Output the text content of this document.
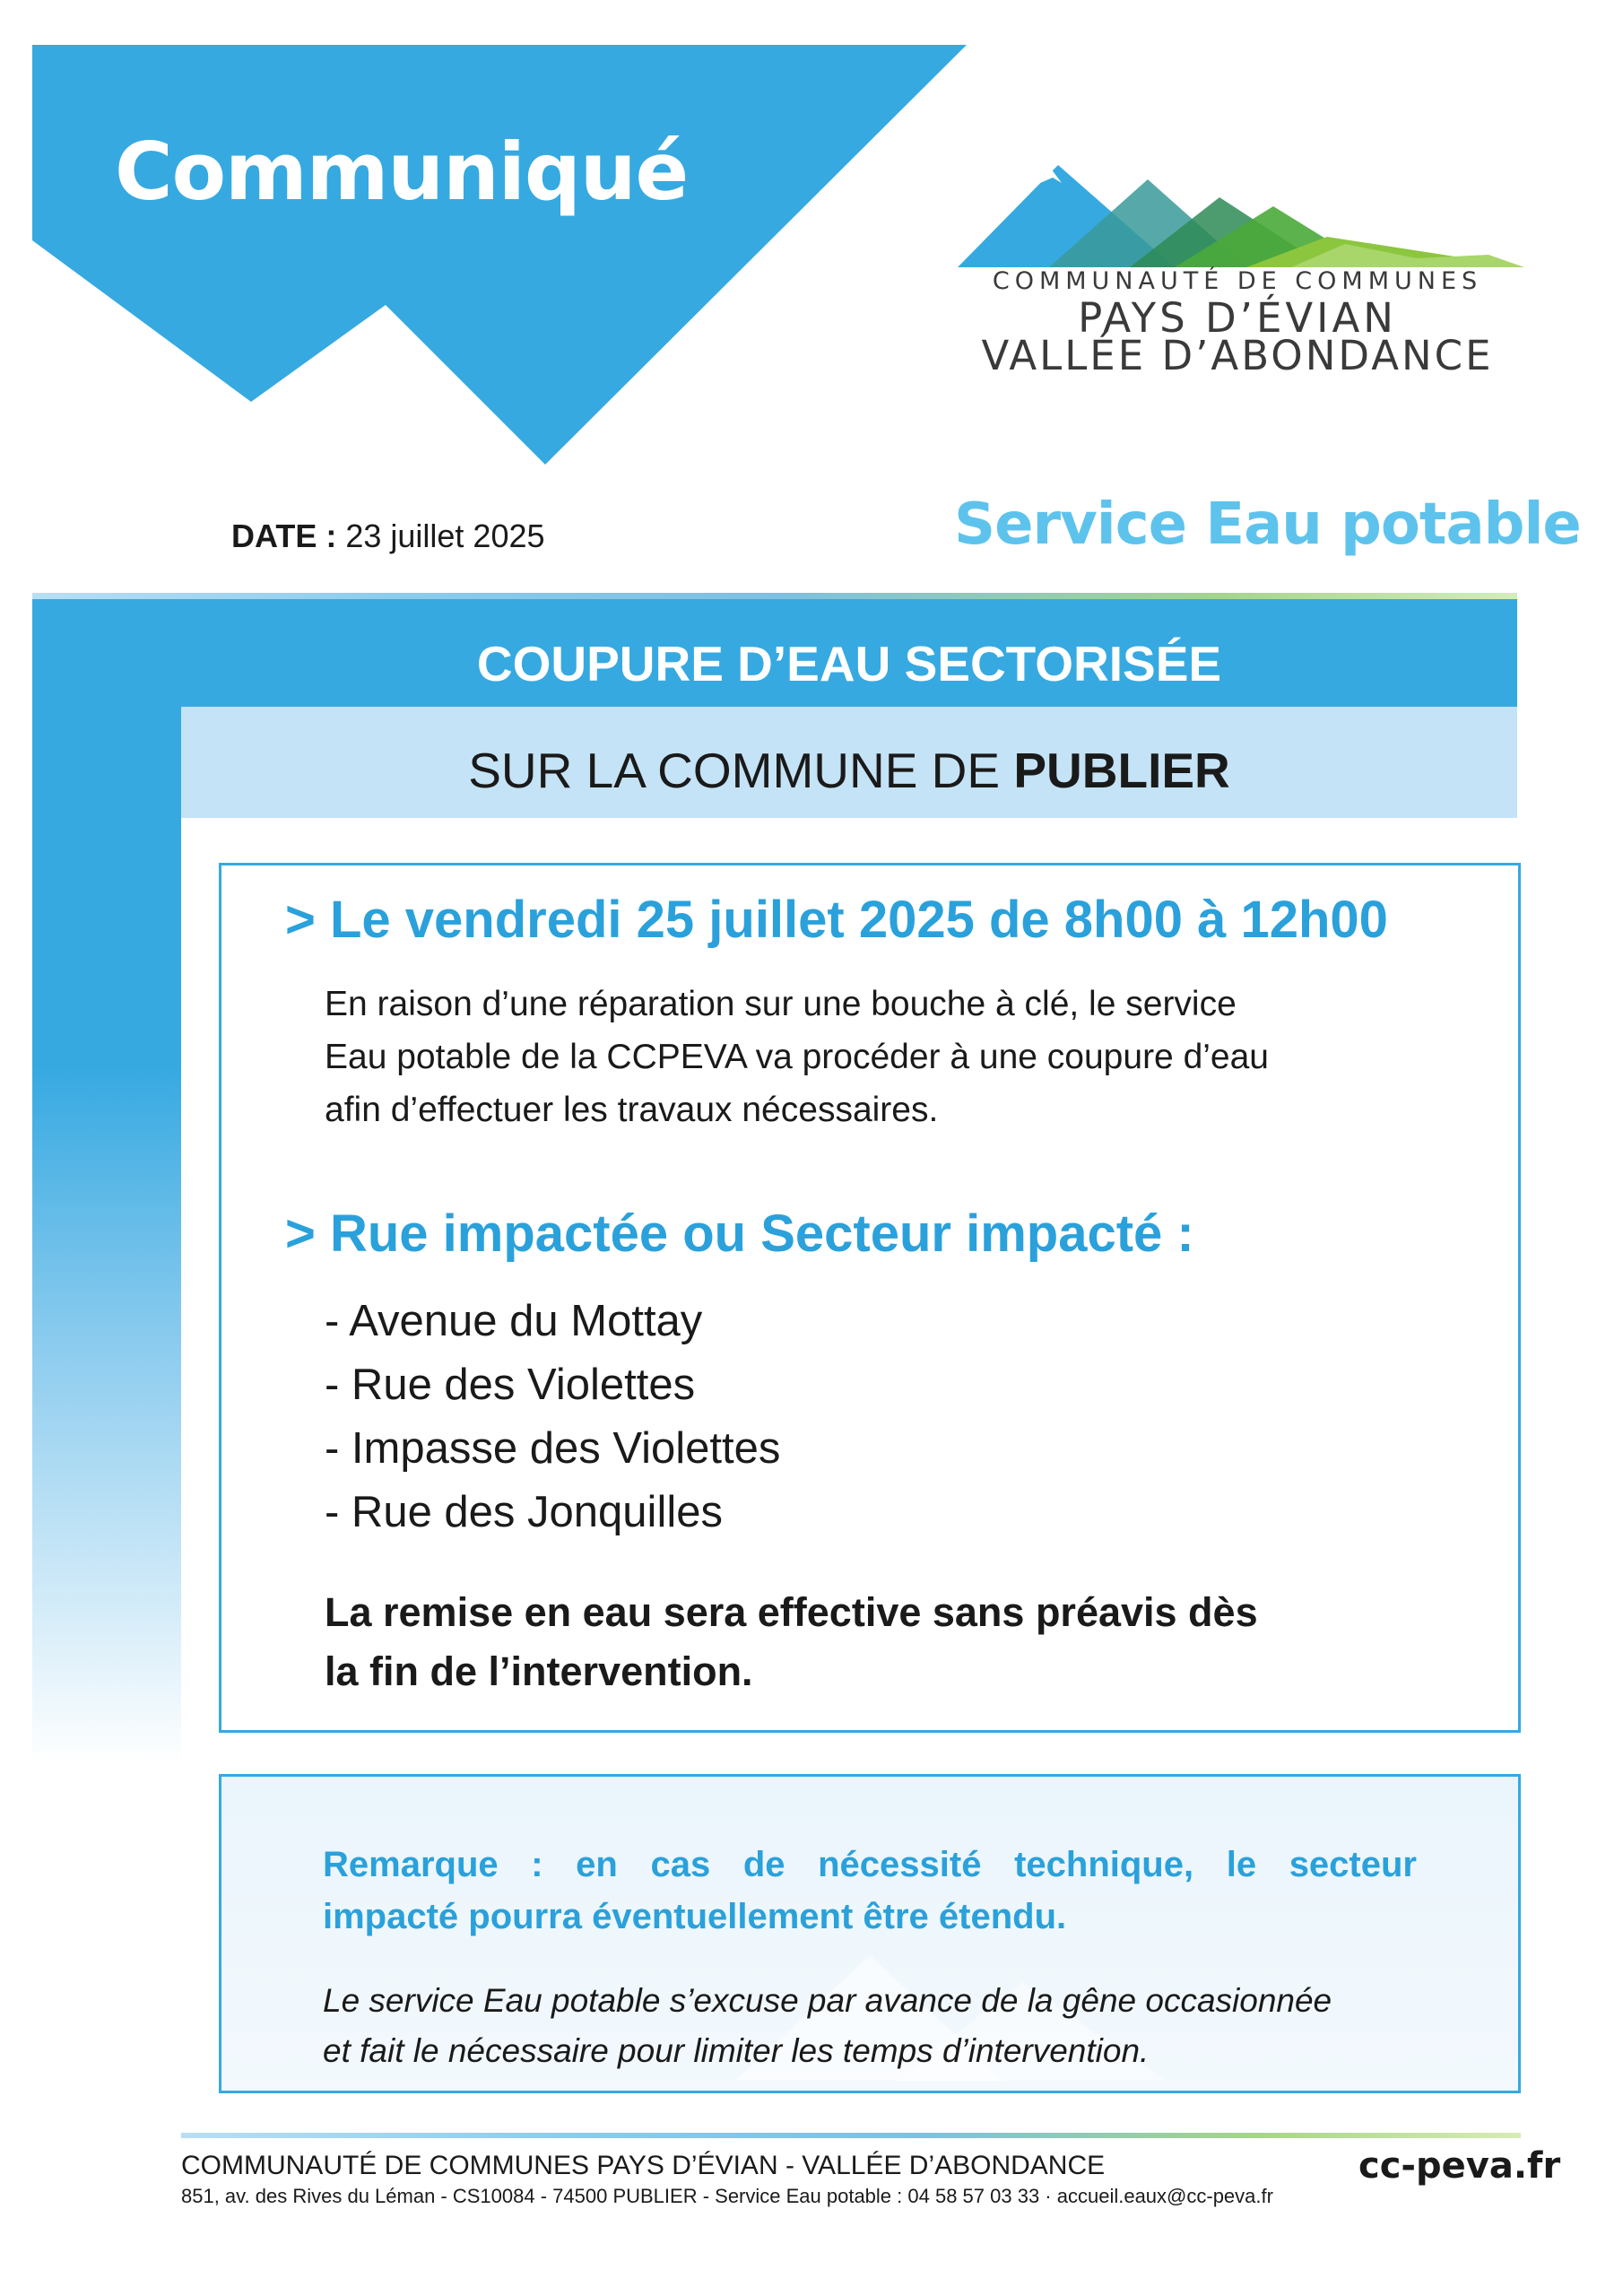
Communiqué
COMMUNAUTÉ DE COMMUNES
PAYS D’ÉVIAN
VALLÉE D’ABONDANCE
DATE : 23 juillet 2025	Service Eau potable
COUPURE D’EAU SECTORISÉE
SUR LA COMMUNE DE PUBLIER
> Le vendredi 25 juillet 2025 de 8h00 à 12h00
En raison d’une réparation sur une bouche à clé, le service
Eau potable de la CCPEVA va procéder à une coupure d’eau
afin d’effectuer les travaux nécessaires.
> Rue impactée ou Secteur impacté :
- Avenue du Mottay
- Rue des Violettes
- Impasse des Violettes
- Rue des Jonquilles
La remise en eau sera effective sans préavis dès
la fin de l’intervention.
Remarque : en cas de nécessité technique, le secteur
impacté pourra éventuellement être étendu.
Le service Eau potable s’excuse par avance de la gêne occasionnée
et fait le nécessaire pour limiter les temps d’intervention.
COMMUNAUTÉ DE COMMUNES PAYS D’ÉVIAN - VALLÉE D’ABONDANCE
851, av. des Rives du Léman - CS10084 - 74500 PUBLIER - Service Eau potable : 04 58 57 03 33 · accueil.eaux@cc-peva.fr
cc-peva.fr
